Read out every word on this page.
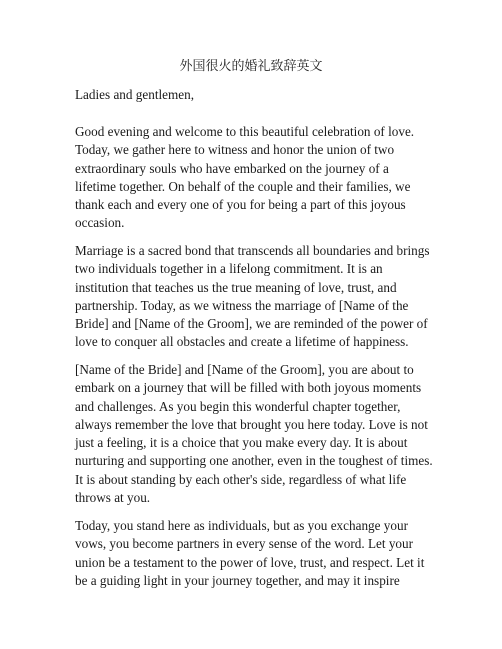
外国很火的婚礼致辞英文
Ladies and gentlemen,
Good evening and welcome to this beautiful celebration of love.
Today, we gather here to witness and honor the union of two
extraordinary souls who have embarked on the journey of a
lifetime together. On behalf of the couple and their families, we
thank each and every one of you for being a part of this joyous
occasion.
Marriage is a sacred bond that transcends all boundaries and brings
two individuals together in a lifelong commitment. It is an
institution that teaches us the true meaning of love, trust, and
partnership. Today, as we witness the marriage of [Name of the
Bride] and [Name of the Groom], we are reminded of the power of
love to conquer all obstacles and create a lifetime of happiness.
[Name of the Bride] and [Name of the Groom], you are about to
embark on a journey that will be filled with both joyous moments
and challenges. As you begin this wonderful chapter together,
always remember the love that brought you here today. Love is not
just a feeling, it is a choice that you make every day. It is about
nurturing and supporting one another, even in the toughest of times.
It is about standing by each other's side, regardless of what life
throws at you.
Today, you stand here as individuals, but as you exchange your
vows, you become partners in every sense of the word. Let your
union be a testament to the power of love, trust, and respect. Let it
be a guiding light in your journey together, and may it inspire
